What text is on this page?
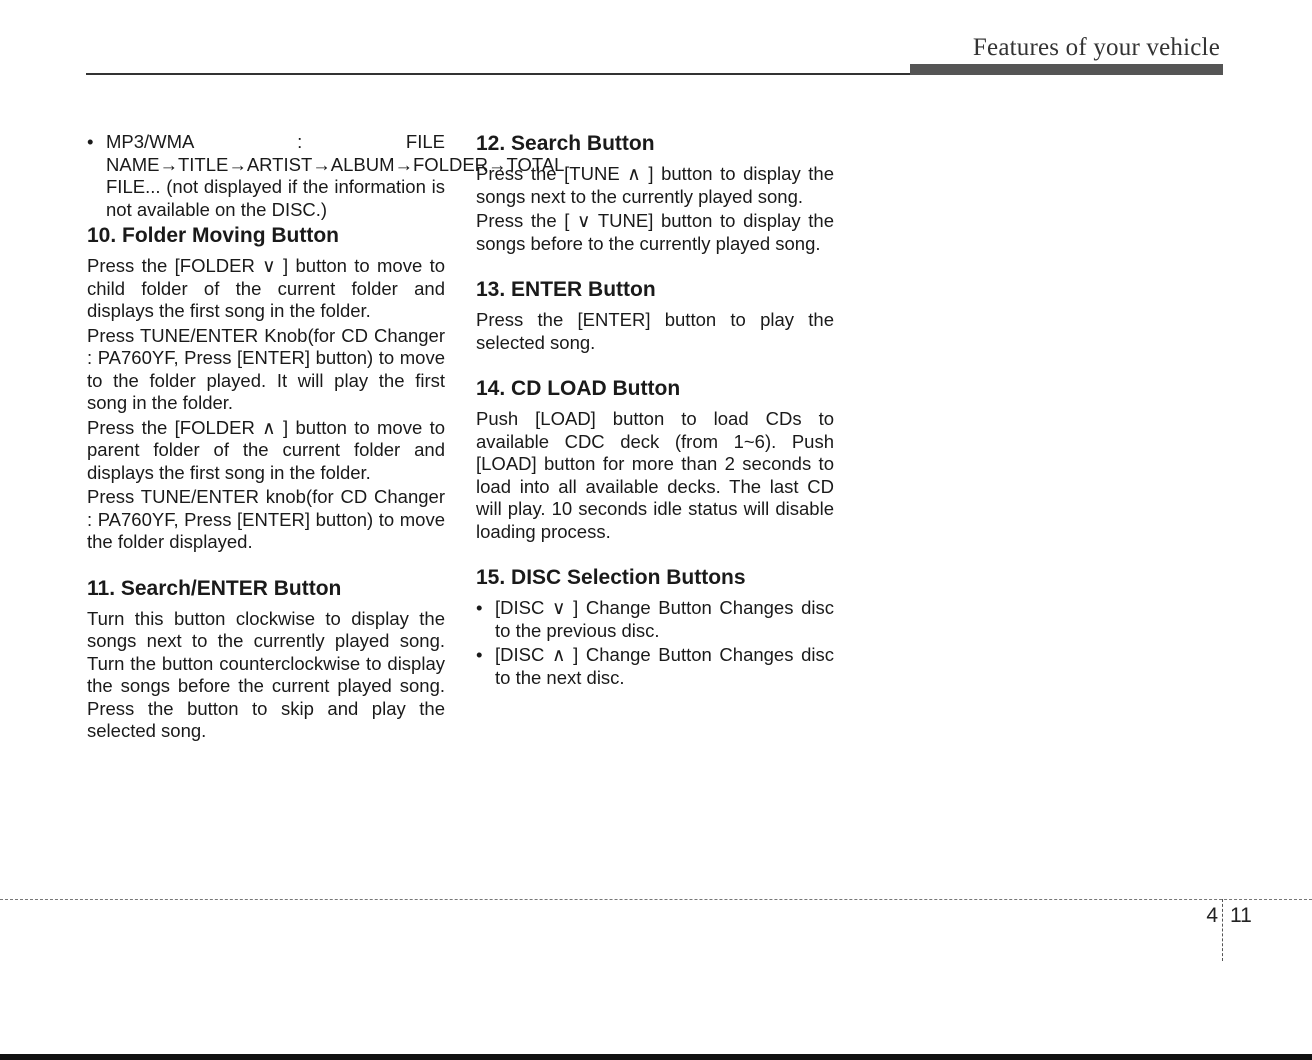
Features of your vehicle
• MP3/WMA : FILE NAME→TITLE→ARTIST→ALBUM→FOLDER→TOTAL FILE... (not displayed if the information is not available on the DISC.)
10. Folder Moving Button

Press the [FOLDER ∨ ] button to move to child folder of the current folder and displays the first song in the folder.

Press TUNE/ENTER Knob(for CD Changer : PA760YF, Press [ENTER] button) to move to the folder played. It will play the first song in the folder.

Press the [FOLDER ∧ ] button to move to parent folder of the current folder and displays the first song in the folder.

Press TUNE/ENTER knob(for CD Changer : PA760YF, Press [ENTER] button) to move the folder displayed.

11. Search/ENTER Button

Turn this button clockwise to display the songs next to the currently played song. Turn the button counterclockwise to display the songs before the current played song. Press the button to skip and play the selected song.

12. Search Button

Press the [TUNE ∧ ] button to display the songs next to the currently played song.

Press the [ ∨ TUNE] button to display the songs before to the currently played song.

13. ENTER Button

Press the [ENTER] button to play the selected song.

14. CD LOAD Button

Push [LOAD] button to load CDs to available CDC deck (from 1~6). Push [LOAD] button for more than 2 seconds to load into all available decks. The last CD will play. 10 seconds idle status will disable loading process.

15. DISC Selection Buttons
• [DISC ∨ ] Change Button Changes disc to the previous disc.
• [DISC ∧ ] Change Button Changes disc to the next disc.
4 11
